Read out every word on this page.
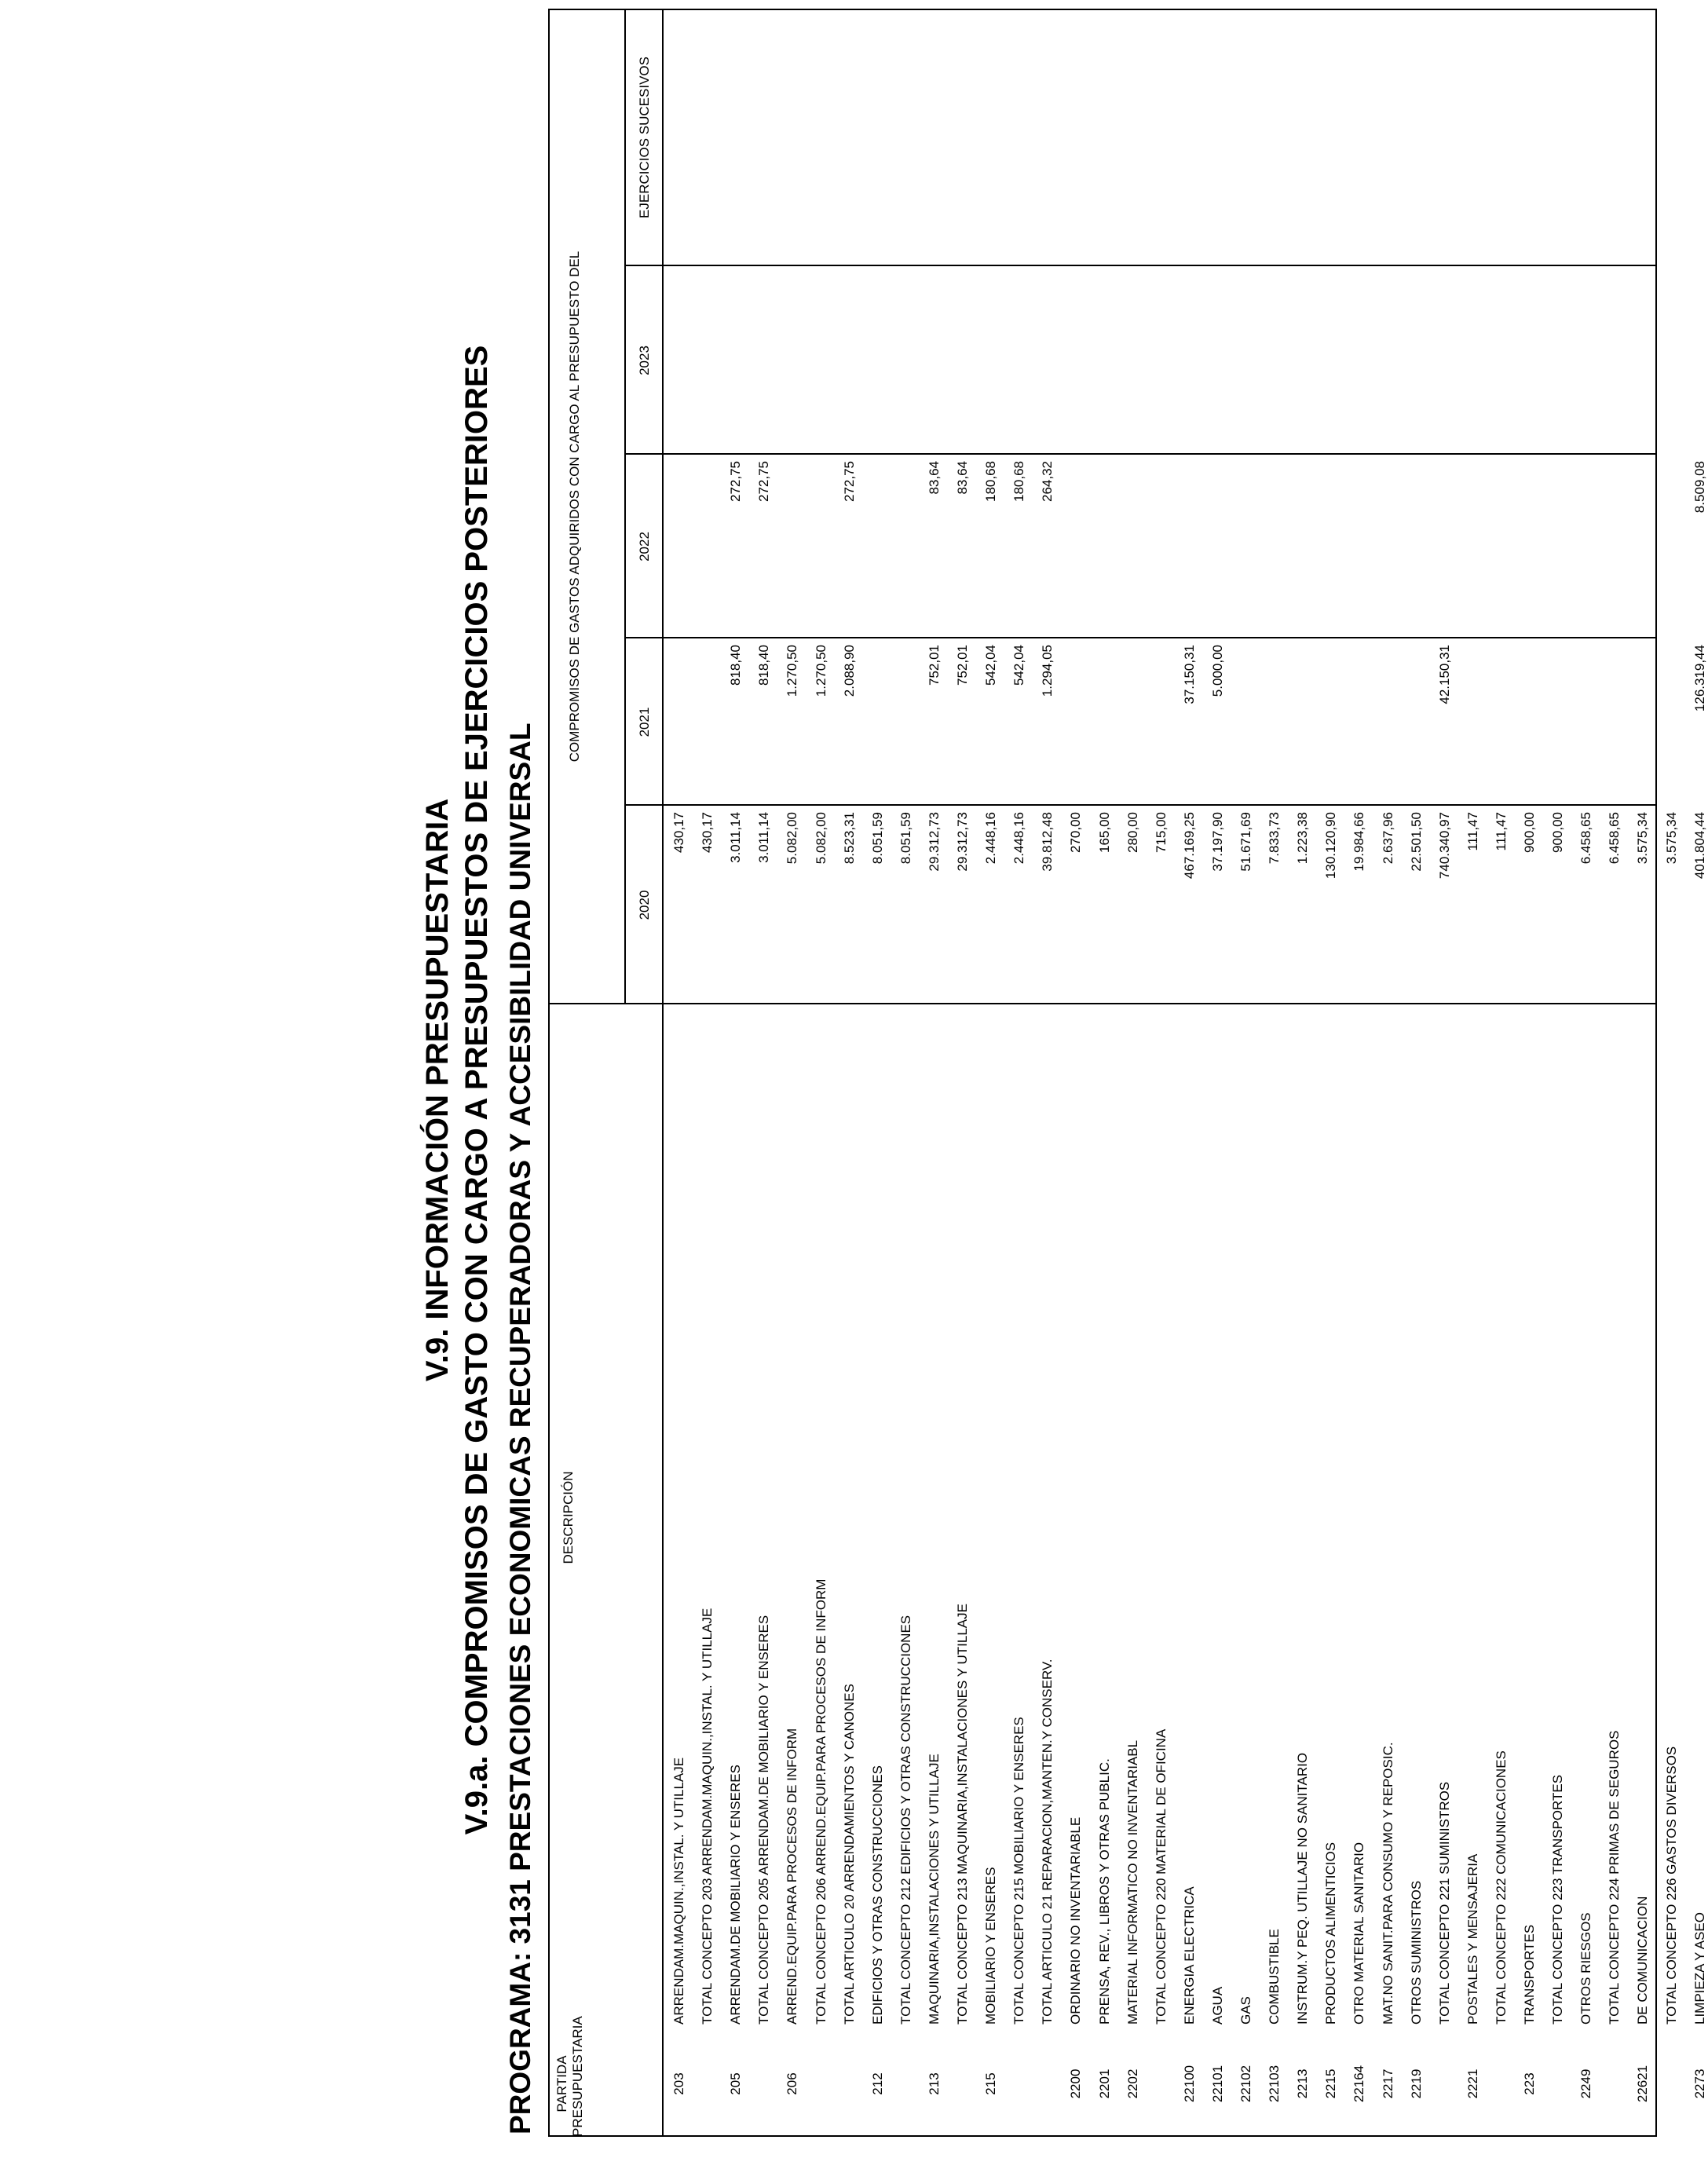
V.9. INFORMACIÓN PRESUPUESTARIA V.9.a. COMPROMISOS DE GASTO CON CARGO A PRESUPUESTOS DE EJERCICIOS POSTERIORES PROGRAMA: 3131 PRESTACIONES ECONOMICAS RECUPERADORAS Y ACCESIBILIDAD UNIVERSAL PARTIDA PRESUPUESTARIA
DESCRIPCIÓN
COMPROMISOS DE GASTOS ADQUIRIDOS CON CARGO AL PRESUPUESTO DEL
2020
2021
2022
2023
EJERCICIOS SUCESIVOS
203
ARRENDAM.MAQUIN.,INSTAL. Y UTILLAJE
430,17
TOTAL CONCEPTO 203 ARRENDAM.MAQUIN.,INSTAL. Y UTILLAJE
430,17
205
ARRENDAM.DE MOBILIARIO Y ENSERES
3.011,14
818,40
272,75
TOTAL CONCEPTO 205 ARRENDAM.DE MOBILIARIO Y ENSERES
3.011,14
818,40
272,75
206
ARREND.EQUIP.PARA PROCESOS DE INFORM
5.082,00
1.270,50
TOTAL CONCEPTO 206 ARREND.EQUIP.PARA PROCESOS DE INFORM
5.082,00
1.270,50
TOTAL ARTICULO 20 ARRENDAMIENTOS Y CANONES
8.523,31
2.088,90
272,75
212
EDIFICIOS Y OTRAS CONSTRUCCIONES
8.051,59
TOTAL CONCEPTO 212 EDIFICIOS Y OTRAS CONSTRUCCIONES
8.051,59
213
MAQUINARIA,INSTALACIONES Y UTILLAJE
29.312,73
752,01
83,64
TOTAL CONCEPTO 213 MAQUINARIA,INSTALACIONES Y UTILLAJE
29.312,73
752,01
83,64
215
MOBILIARIO Y ENSERES
2.448,16
542,04
180,68
TOTAL CONCEPTO 215 MOBILIARIO Y ENSERES
2.448,16
542,04
180,68
TOTAL ARTICULO 21 REPARACION,MANTEN.Y CONSERV.
39.812,48
1.294,05
264,32
2200
ORDINARIO NO INVENTARIABLE
270,00
2201
PRENSA, REV., LIBROS Y OTRAS PUBLIC.
165,00
2202
MATERIAL INFORMATICO NO INVENTARIABL
280,00
TOTAL CONCEPTO 220 MATERIAL DE OFICINA
715,00
22100
ENERGIA ELECTRICA
467.169,25
37.150,31
22101
AGUA
37.197,90
5.000,00
22102
GAS
51.671,69
22103
COMBUSTIBLE
7.833,73
2213
INSTRUM.Y PEQ. UTILLAJE NO SANITARIO
1.223,38
2215
PRODUCTOS ALIMENTICIOS
130.120,90
22164
OTRO MATERIAL SANITARIO
19.984,66
2217
MAT.NO SANIT.PARA CONSUMO Y REPOSIC.
2.637,96
2219
OTROS SUMINISTROS
22.501,50
TOTAL CONCEPTO 221 SUMINISTROS
740.340,97
42.150,31
2221
POSTALES Y MENSAJERIA
111,47
TOTAL CONCEPTO 222 COMUNICACIONES
111,47
223
TRANSPORTES
900,00
TOTAL CONCEPTO 223 TRANSPORTES
900,00
2249
OTROS RIESGOS
6.458,65
TOTAL CONCEPTO 224 PRIMAS DE SEGUROS
6.458,65
22621
DE COMUNICACION
3.575,34
TOTAL CONCEPTO 226 GASTOS DIVERSOS
3.575,34
2273
LIMPIEZA Y ASEO
401.804,44
126.319,44
8.509,08
